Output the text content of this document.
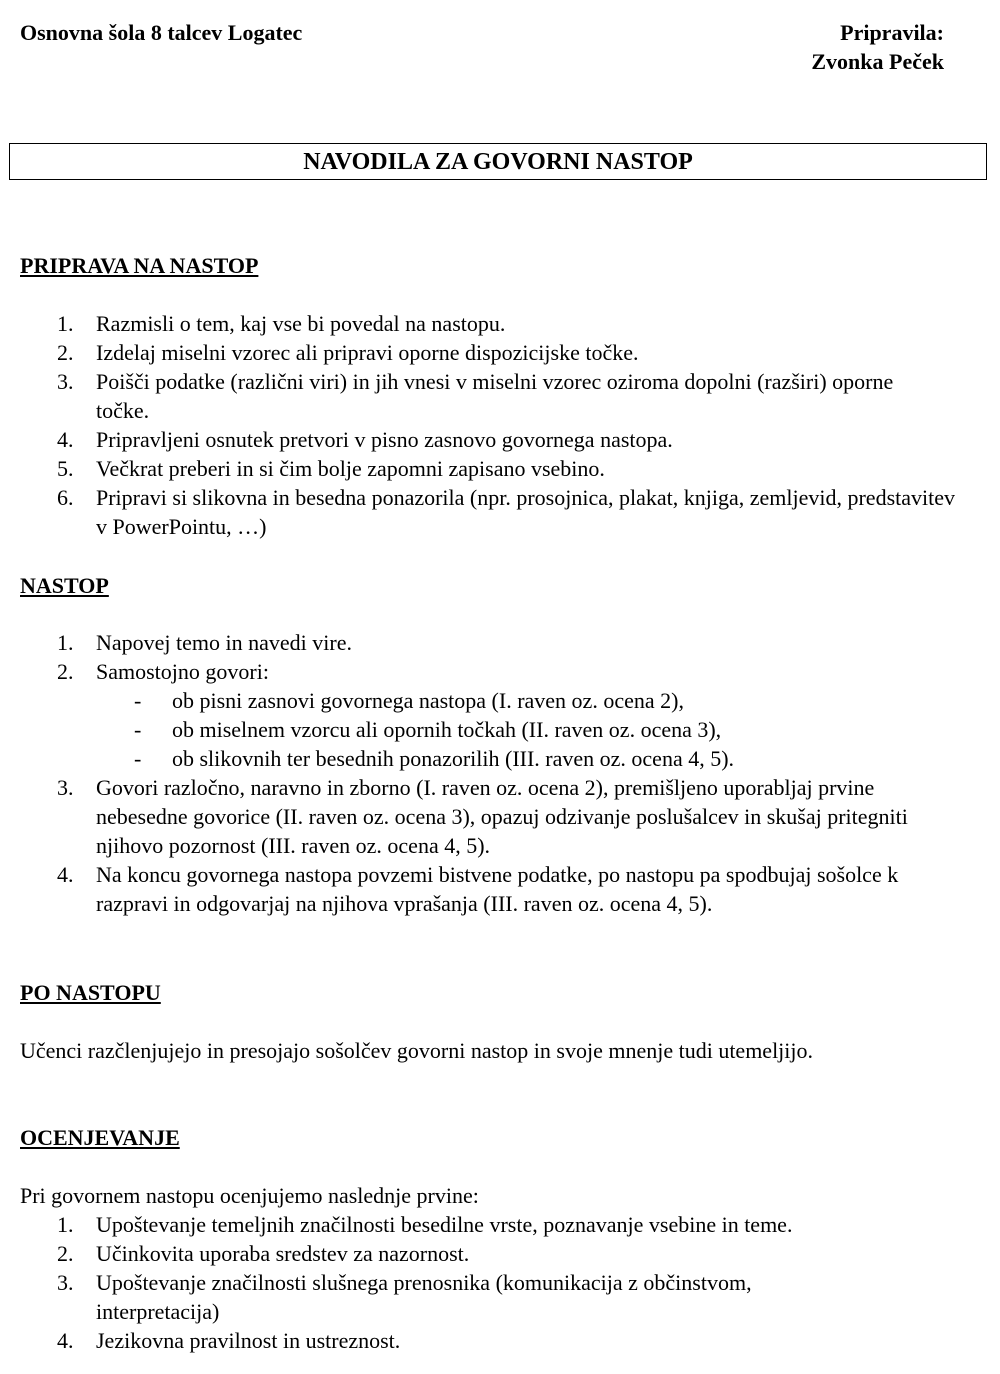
Osnovna šola 8 talcev Logatec	Pripravila:
Zvonka Peček
NAVODILA ZA GOVORNI NASTOP
PRIPRAVA NA NASTOP
1.	Razmisli o tem, kaj vse bi povedal na nastopu.
2.	Izdelaj miselni vzorec ali pripravi oporne dispozicijske točke.
3.	Poišči podatke (različni viri) in jih vnesi v miselni vzorec oziroma dopolni (razširi) oporne točke.
4.	Pripravljeni osnutek pretvori v pisno zasnovo govornega nastopa.
5.	Večkrat preberi in si čim bolje zapomni zapisano vsebino.
6.	Pripravi si slikovna in besedna ponazorila (npr. prosojnica, plakat, knjiga, zemljevid, predstavitev v PowerPointu, …)
NASTOP
1.	Napovej temo in navedi vire.
2.	Samostojno govori:
- ob pisni zasnovi govornega nastopa (I. raven oz. ocena 2),
- ob miselnem vzorcu ali opornih točkah (II. raven oz. ocena 3),
- ob slikovnih ter besednih ponazorilih (III. raven oz. ocena 4, 5).
3.	Govori razločno, naravno in zborno (I. raven oz. ocena 2), premišljeno uporabljaj prvine nebesedne govorice (II. raven oz. ocena 3), opazuj odzivanje poslušalcev in skušaj pritegniti njihovo pozornost (III. raven oz. ocena 4, 5).
4.	Na koncu govornega nastopa povzemi bistvene podatke, po nastopu pa spodbujaj sošolce k razpravi in odgovarjaj na njihova vprašanja (III. raven oz. ocena 4, 5).
PO NASTOPU
Učenci razčlenjujejo in presojajo sošolčev govorni nastop in svoje mnenje tudi utemeljijo.
OCENJEVANJE
Pri govornem nastopu ocenjujemo naslednje prvine:
1.	Upoštevanje temeljnih značilnosti besedilne vrste, poznavanje vsebine in teme.
2.	Učinkovita uporaba sredstev za nazornost.
3.	Upoštevanje značilnosti slušnega prenosnika (komunikacija z občinstvom, interpretacija)
4.	Jezikovna pravilnost in ustreznost.
